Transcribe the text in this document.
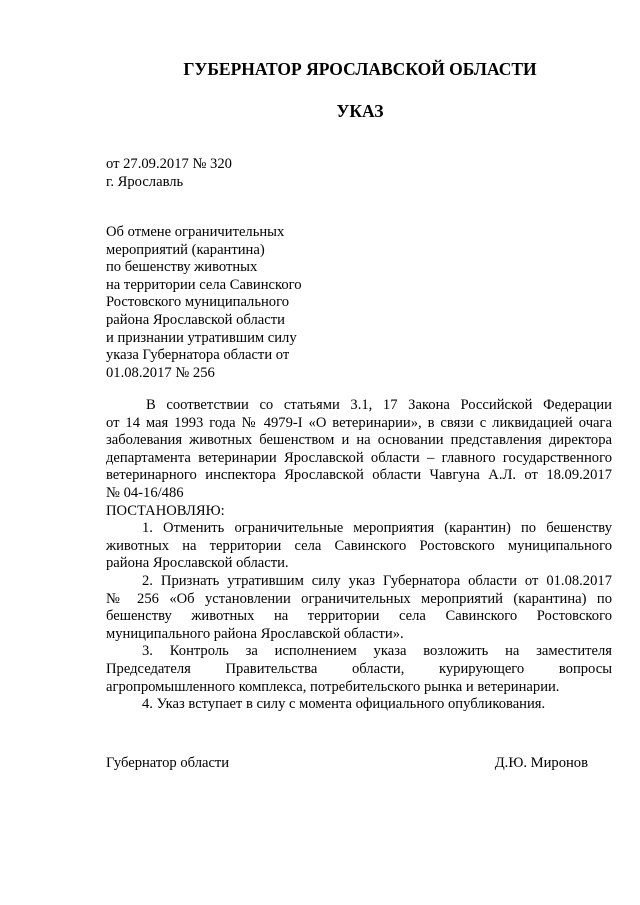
ГУБЕРНАТОР ЯРОСЛАВСКОЙ ОБЛАСТИ
УКАЗ
от 27.09.2017 № 320
г. Ярославль
Об отмене ограничительных
мероприятий (карантина)
по бешенству животных
на территории села Савинского
Ростовского муниципального
района Ярославской области
и признании утратившим силу
указа Губернатора области от
01.08.2017 № 256
В соответствии со статьями 3.1, 17 Закона Российской Федерации
от 14 мая 1993 года № 4979-I «О ветеринарии», в связи с ликвидацией очага
заболевания животных бешенством и на основании представления директора
департамента ветеринарии Ярославской области – главного государственного
ветеринарного инспектора Ярославской области Чавгуна А.Л. от 18.09.2017
№ 04-16/486
ПОСТАНОВЛЯЮ:
1. Отменить ограничительные мероприятия (карантин) по бешенству
животных на территории села Савинского Ростовского муниципального
района Ярославской области.
2. Признать утратившим силу указ Губернатора области от 01.08.2017
№ 256 «Об установлении ограничительных мероприятий (карантина) по
бешенству животных на территории села Савинского Ростовского
муниципального района Ярославской области».
3. Контроль за исполнением указа возложить на заместителя
Председателя Правительства области, курирующего вопросы
агропромышленного комплекса, потребительского рынка и ветеринарии.
4. Указ вступает в силу с момента официального опубликования.
Губернатор области	Д.Ю. Миронов
